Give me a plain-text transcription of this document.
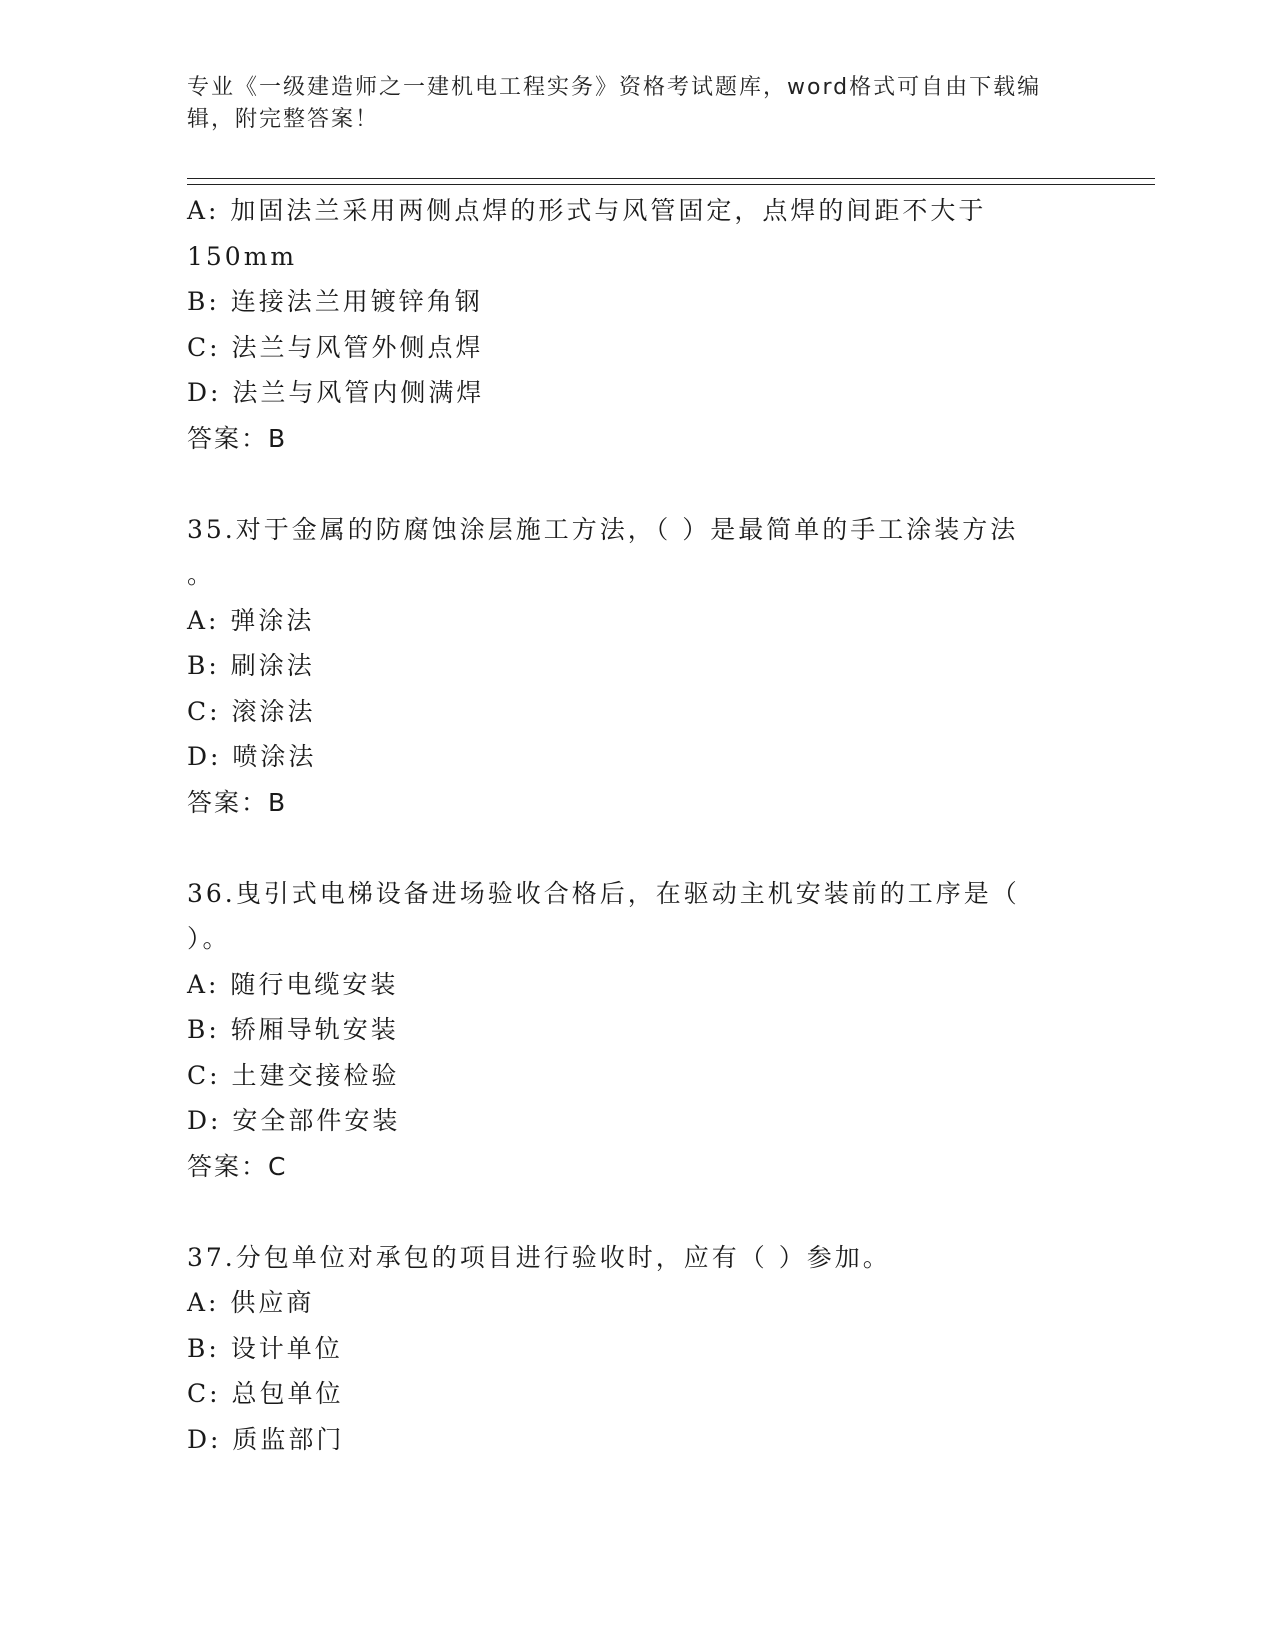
专业《一级建造师之一建机电工程实务》资格考试题库，word格式可自由下载编
辑，附完整答案！
A: 加固法兰采用两侧点焊的形式与风管固定，点焊的间距不大于
150mm
B: 连接法兰用镀锌角钢
C: 法兰与风管外侧点焊
D: 法兰与风管内侧满焊
答案：B
35.对于金属的防腐蚀涂层施工方法，（ ）是最简单的手工涂装方法
。
A: 弹涂法
B: 刷涂法
C: 滚涂法
D: 喷涂法
答案：B
36.曳引式电梯设备进场验收合格后，在驱动主机安装前的工序是（
）。
A: 随行电缆安装
B: 轿厢导轨安装
C: 土建交接检验
D: 安全部件安装
答案：C
37.分包单位对承包的项目进行验收时，应有（ ）参加。
A: 供应商
B: 设计单位
C: 总包单位
D: 质监部门
